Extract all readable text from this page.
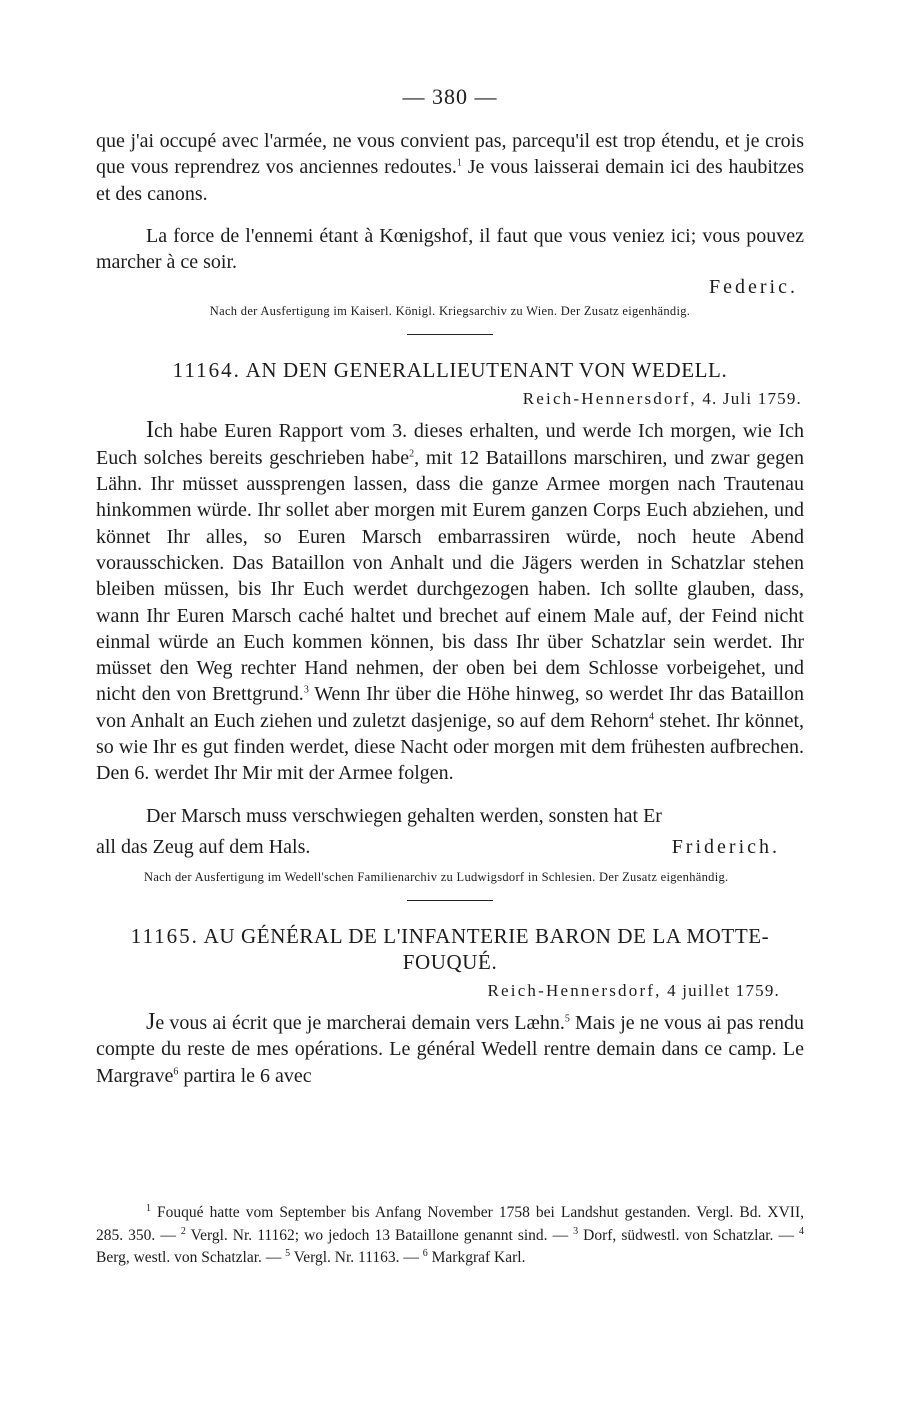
— 380 —

que j'ai occupé avec l'armée, ne vous convient pas, parcequ'il est trop étendu, et je crois que vous reprendrez vos anciennes redoutes.$^1$ Je vous laisserai demain ici des haubitzes et des canons.

La force de l'ennemi étant à Kœnigshof, il faut que vous veniez ici; vous pouvez marcher à ce soir.

Federic.
Nach der Ausfertigung im Kaiserl. Königl. Kriegsarchiv zu Wien. Der Zusatz eigenhändig.
11164. AN DEN GENERALLIEUTENANT VON WEDELL.
Reich-Hennersdorf, 4. Juli 1759.

Ich habe Euren Rapport vom 3. dieses erhalten, und werde Ich morgen, wie Ich Euch solches bereits geschrieben habe$^2$, mit 12 Bataillons marschiren, und zwar gegen Lähn. Ihr müsset aussprengen lassen, dass die ganze Armee morgen nach Trautenau hinkommen würde. Ihr sollet aber morgen mit Eurem ganzen Corps Euch abziehen, und könnet Ihr alles, so Euren Marsch embarrassiren würde, noch heute Abend vorausschicken. Das Bataillon von Anhalt und die Jägers werden in Schatzlar stehen bleiben müssen, bis Ihr Euch werdet durchgezogen haben. Ich sollte glauben, dass, wann Ihr Euren Marsch caché haltet und brechet auf einem Male auf, der Feind nicht einmal würde an Euch kommen können, bis dass Ihr über Schatzlar sein werdet. Ihr müsset den Weg rechter Hand nehmen, der oben bei dem Schlosse vorbeigehet, und nicht den von Brettgrund.$^3$ Wenn Ihr über die Höhe hinweg, so werdet Ihr das Bataillon von Anhalt an Euch ziehen und zuletzt dasjenige, so auf dem Rehorn$^4$ stehet. Ihr könnet, so wie Ihr es gut finden werdet, diese Nacht oder morgen mit dem frühesten aufbrechen. Den 6. werdet Ihr Mir mit der Armee folgen.

Der Marsch muss verschwiegen gehalten werden, sonsten hat Er

all das Zeug auf dem Hals.	Friderich.
Nach der Ausfertigung im Wedell'schen Familienarchiv zu Ludwigsdorf in Schlesien. Der Zusatz eigenhändig.
11165. AU GÉNÉRAL DE L'INFANTERIE BARON DE LA MOTTE-FOUQUÉ.
Reich-Hennersdorf, 4 juillet 1759.

Je vous ai écrit que je marcherai demain vers Læhn.$^5$ Mais je ne vous ai pas rendu compte du reste de mes opérations. Le général Wedell rentre demain dans ce camp. Le Margrave$^6$ partira le 6 avec

$^1$ Fouqué hatte vom September bis Anfang November 1758 bei Landshut gestanden. Vergl. Bd. XVII, 285. 350. — $^2$ Vergl. Nr. 11162; wo jedoch 13 Bataillone genannt sind. — $^3$ Dorf, südwestl. von Schatzlar. — $^4$ Berg, westl. von Schatzlar. — $^5$ Vergl. Nr. 11163. — $^6$ Markgraf Karl.
